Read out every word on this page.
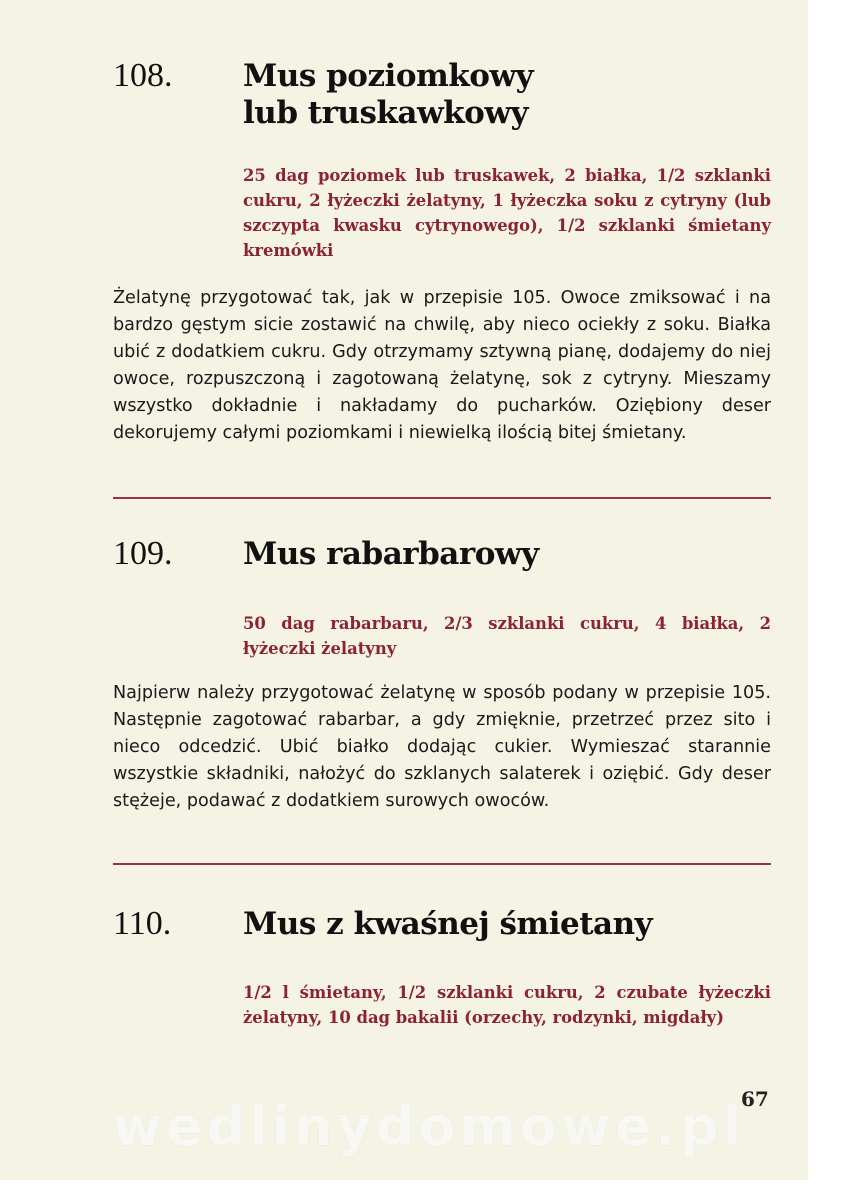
108.	Mus poziomkowy
lub truskawkowy
25 dag poziomek lub truskawek, 2 białka, 1/2 szklanki cukru, 2 łyżeczki żelatyny, 1 łyżeczka soku z cytryny (lub szczypta kwasku cytrynowego), 1/2 szklanki śmietany kremówki
Żelatynę przygotować tak, jak w przepisie 105. Owoce zmiksować i na bardzo gęstym sicie zostawić na chwilę, aby nieco ociekły z soku. Białka ubić z dodatkiem cukru. Gdy otrzymamy sztywną pianę, dodajemy do niej owoce, rozpuszczoną i zagotowaną żelatynę, sok z cytryny. Mieszamy wszystko dokładnie i nakładamy do pucharków. Oziębiony deser dekorujemy całymi poziomkami i niewielką ilością bitej śmietany.
109.	Mus rabarbarowy
50 dag rabarbaru, 2/3 szklanki cukru, 4 białka, 2 łyżeczki żelatyny
Najpierw należy przygotować żelatynę w sposób podany w przepisie 105. Następnie zagotować rabarbar, a gdy zmięknie, przetrzeć przez sito i nieco odcedzić. Ubić białko dodając cukier. Wymieszać starannie wszystkie składniki, nałożyć do szklanych salaterek i oziębić. Gdy deser stężeje, podawać z dodatkiem surowych owoców.
110.	Mus z kwaśnej śmietany
1/2 l śmietany, 1/2 szklanki cukru, 2 czubate łyżeczki żelatyny, 10 dag bakalii (orzechy, rodzynki, migdały)
wedlinydomowe.pl
67
